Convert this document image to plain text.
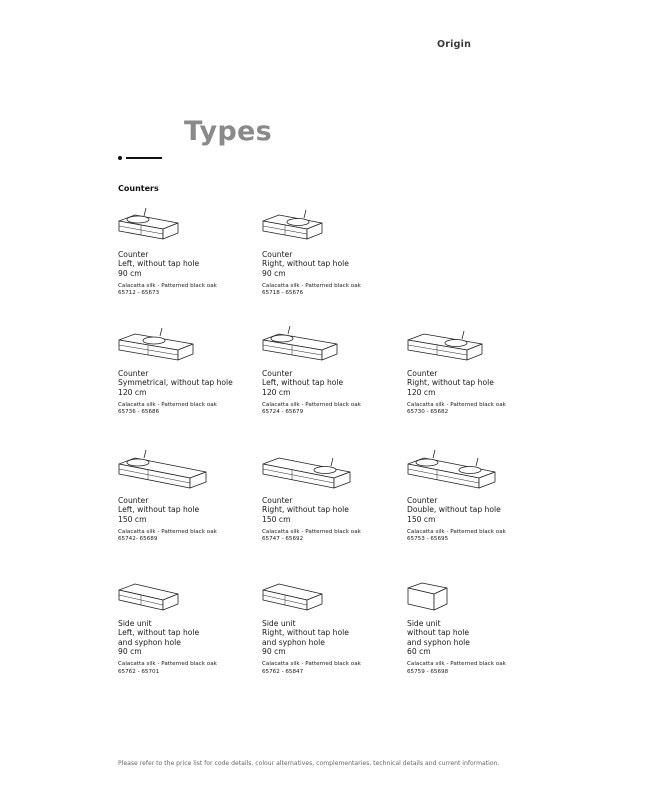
Origin
Types
Counters
Counter
Left, without tap hole
90 cm
Calacatta silk - Patterned black oak
65712 - 65673
Counter
Right, without tap hole
90 cm
Calacatta silk - Patterned black oak
65718 - 65676
Counter
Symmetrical, without tap hole
120 cm
Calacatta silk - Patterned black oak
65736 - 65686
Counter
Left, without tap hole
120 cm
Calacatta silk - Patterned black oak
65724 - 65679
Counter
Right, without tap hole
120 cm
Calacatta silk - Patterned black oak
65730 - 65682
Counter
Left, without tap hole
150 cm
Calacatta silk - Patterned black oak
65742- 65689
Counter
Right, without tap hole
150 cm
Calacatta silk - Patterned black oak
65747 - 65692
Counter
Double, without tap hole
150 cm
Calacatta silk - Patterned black oak
65753 - 65695
Side unit
Left, without tap hole
and syphon hole
90 cm
Calacatta silk - Patterned black oak
65762 - 65701
Side unit
Right, without tap hole
and syphon hole
90 cm
Calacatta silk - Patterned black oak
65762 - 65847
Side unit
without tap hole
and syphon hole
60 cm
Calacatta silk - Patterned black oak
65759 - 65698
Please refer to the price list for code details, colour alternatives, complementaries, technical details and current information.
